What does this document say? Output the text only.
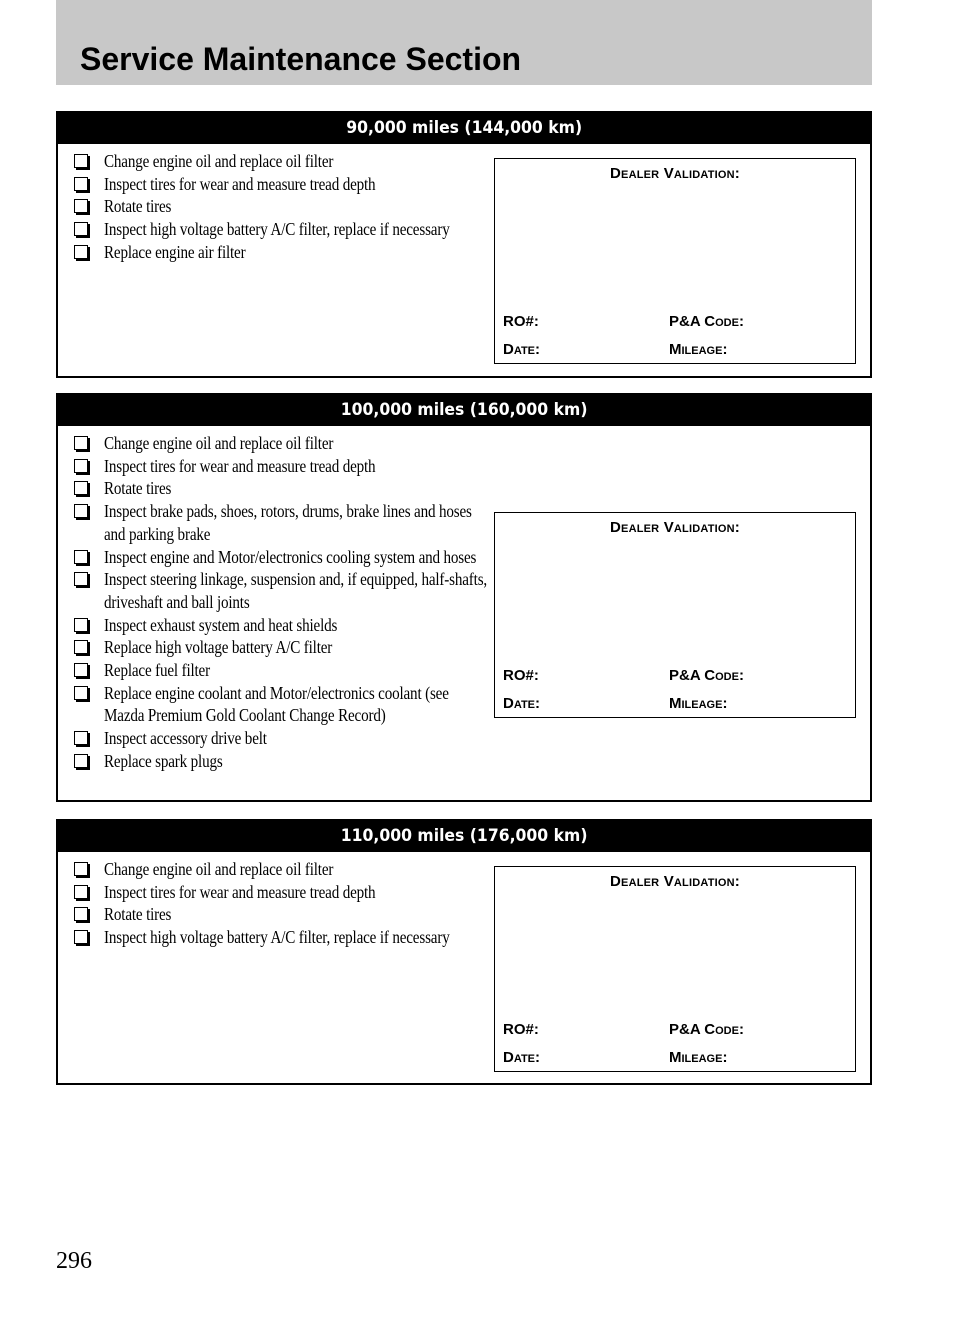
Service Maintenance Section
90,000 miles (144,000 km)
Change engine oil and replace oil filter
Inspect tires for wear and measure tread depth
Rotate tires
Inspect high voltage battery A/C filter, replace if necessary
Replace engine air filter
Dealer Validation:
RO#:	P&A Code:
Date:	Mileage:
100,000 miles (160,000 km)
Change engine oil and replace oil filter
Inspect tires for wear and measure tread depth
Rotate tires
Inspect brake pads, shoes, rotors, drums, brake lines and hoses and parking brake
Inspect engine and Motor/electronics cooling system and hoses
Inspect steering linkage, suspension and, if equipped, half-shafts, driveshaft and ball joints
Inspect exhaust system and heat shields
Replace high voltage battery A/C filter
Replace fuel filter
Replace engine coolant and Motor/electronics coolant (see Mazda Premium Gold Coolant Change Record)
Inspect accessory drive belt
Replace spark plugs
Dealer Validation:
RO#:	P&A Code:
Date:	Mileage:
110,000 miles (176,000 km)
Change engine oil and replace oil filter
Inspect tires for wear and measure tread depth
Rotate tires
Inspect high voltage battery A/C filter, replace if necessary
Dealer Validation:
RO#:	P&A Code:
Date:	Mileage:
296
